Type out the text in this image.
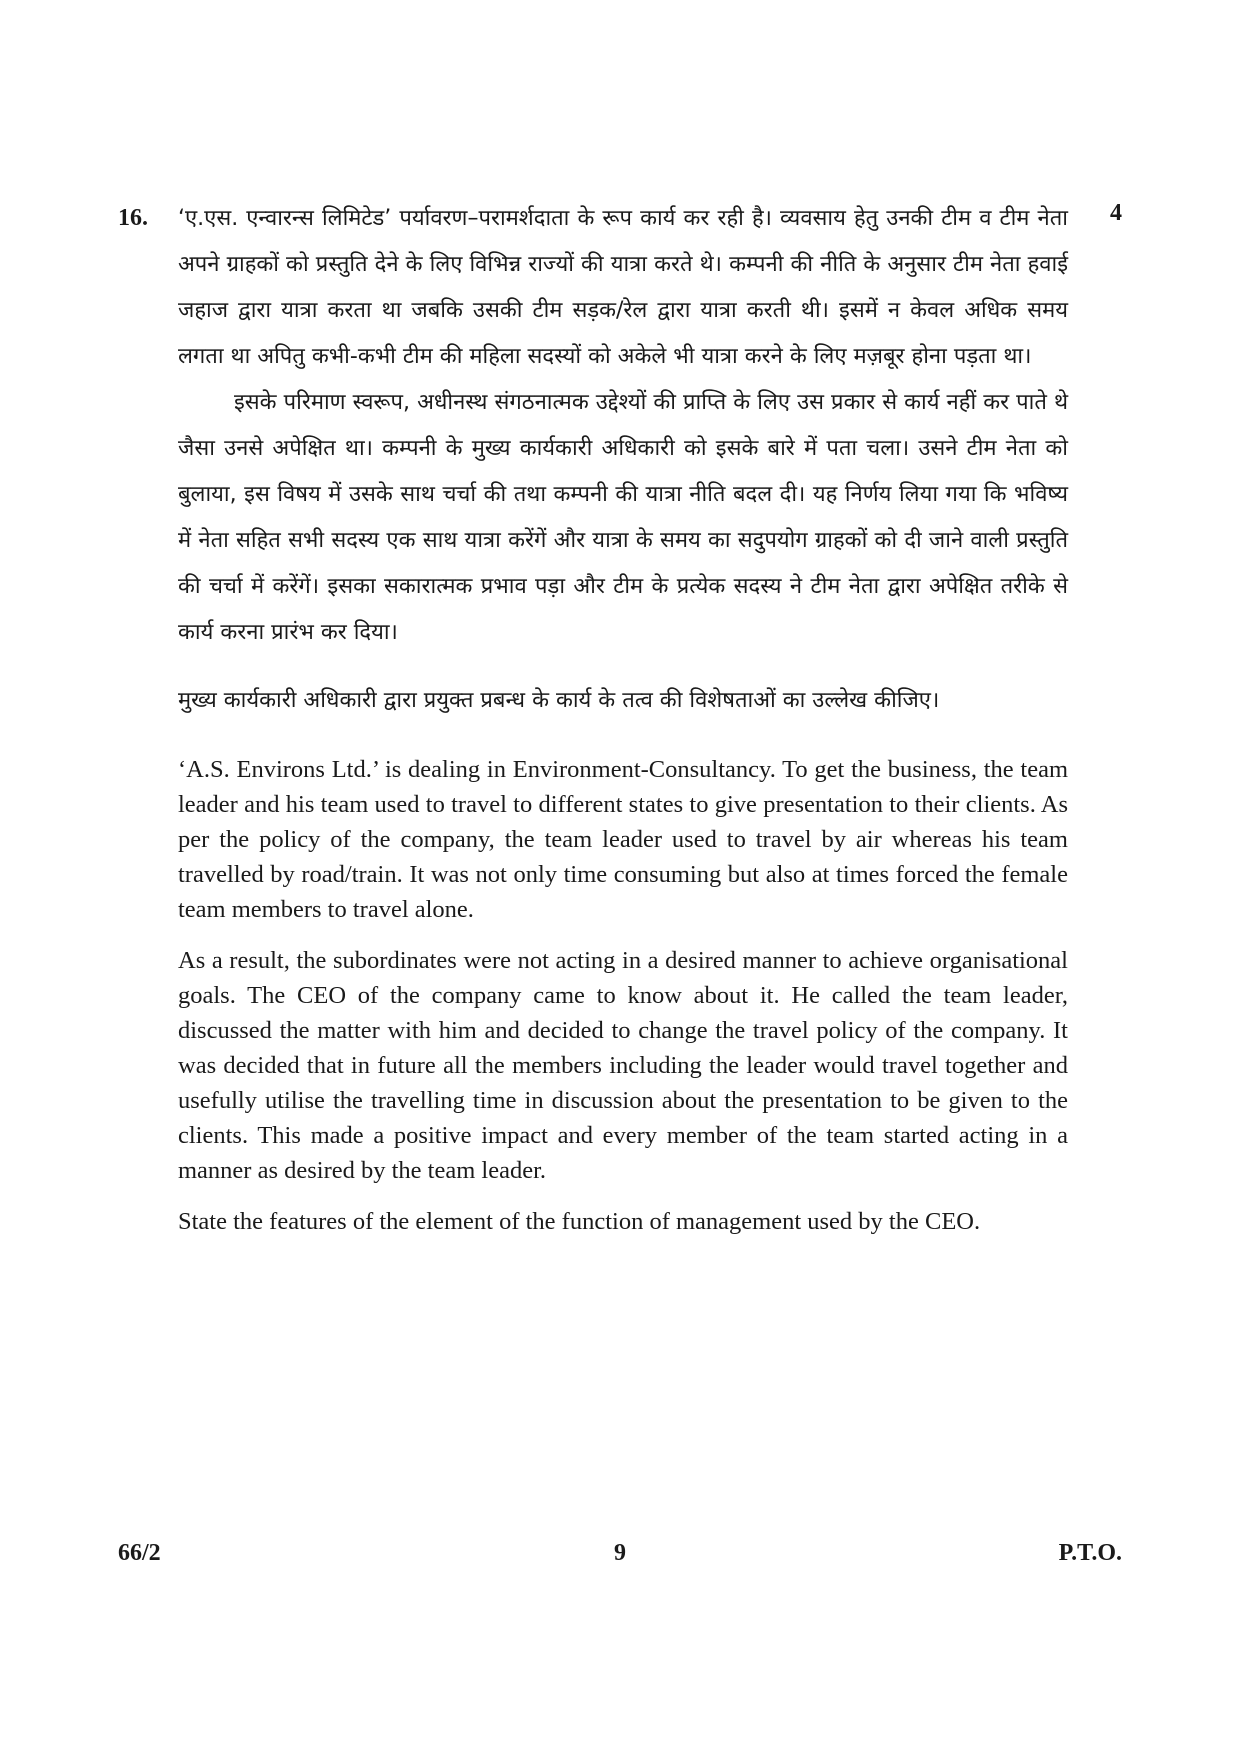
16.	4

‘ए.एस. एन्वारन्स लिमिटेड’ पर्यावरण–परामर्शदाता के रूप कार्य कर रही है। व्यवसाय हेतु उनकी टीम व टीम नेता अपने ग्राहकों को प्रस्तुति देने के लिए विभिन्न राज्यों की यात्रा करते थे। कम्पनी की नीति के अनुसार टीम नेता हवाई जहाज द्वारा यात्रा करता था जबकि उसकी टीम सड़क/रेल द्वारा यात्रा करती थी। इसमें न केवल अधिक समय लगता था अपितु कभी-कभी टीम की महिला सदस्यों को अकेले भी यात्रा करने के लिए मज़बूर होना पड़ता था।

इसके परिमाण स्वरूप, अधीनस्थ संगठनात्मक उद्देश्यों की प्राप्ति के लिए उस प्रकार से कार्य नहीं कर पाते थे जैसा उनसे अपेक्षित था। कम्पनी के मुख्य कार्यकारी अधिकारी को इसके बारे में पता चला। उसने टीम नेता को बुलाया, इस विषय में उसके साथ चर्चा की तथा कम्पनी की यात्रा नीति बदल दी। यह निर्णय लिया गया कि भविष्य में नेता सहित सभी सदस्य एक साथ यात्रा करेंगें और यात्रा के समय का सदुपयोग ग्राहकों को दी जाने वाली प्रस्तुति की चर्चा में करेंगें। इसका सकारात्मक प्रभाव पड़ा और टीम के प्रत्येक सदस्य ने टीम नेता द्वारा अपेक्षित तरीके से कार्य करना प्रारंभ कर दिया।

मुख्य कार्यकारी अधिकारी द्वारा प्रयुक्त प्रबन्ध के कार्य के तत्व की विशेषताओं का उल्लेख कीजिए।

‘A.S. Environs Ltd.’ is dealing in Environment-Consultancy. To get the business, the team leader and his team used to travel to different states to give presentation to their clients. As per the policy of the company, the team leader used to travel by air whereas his team travelled by road/train. It was not only time consuming but also at times forced the female team members to travel alone.

As a result, the subordinates were not acting in a desired manner to achieve organisational goals. The CEO of the company came to know about it. He called the team leader, discussed the matter with him and decided to change the travel policy of the company. It was decided that in future all the members including the leader would travel together and usefully utilise the travelling time in discussion about the presentation to be given to the clients. This made a positive impact and every member of the team started acting in a manner as desired by the team leader.

State the features of the element of the function of management used by the CEO.

66/2	9	P.T.O.
